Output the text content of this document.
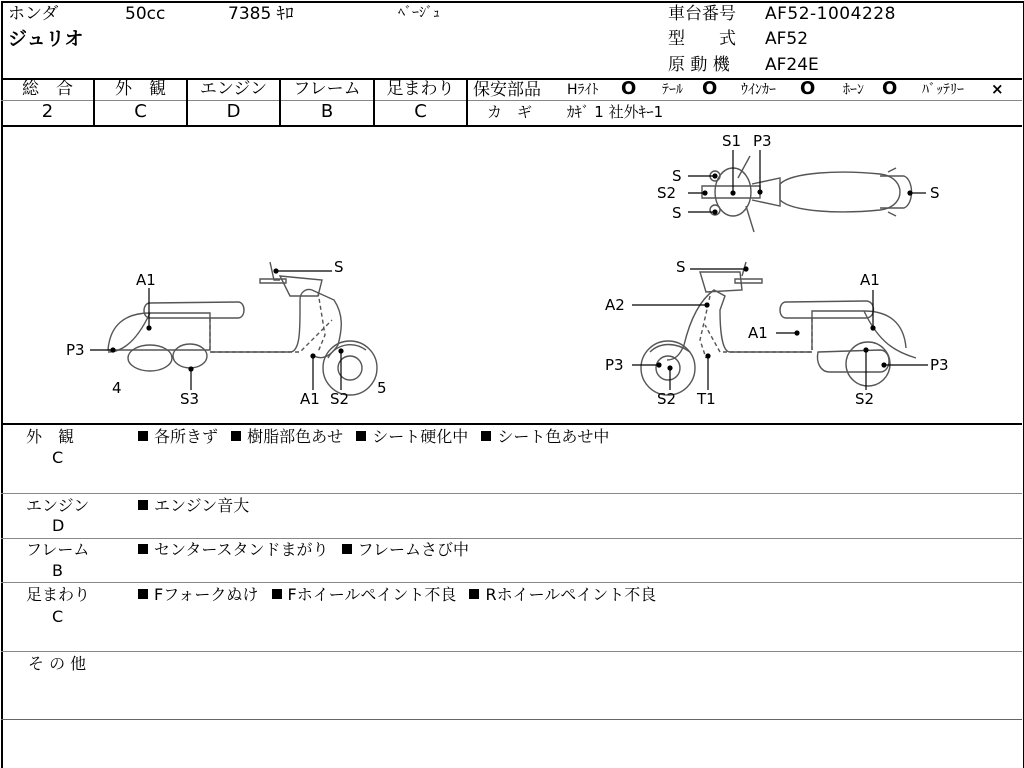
ホンダ	50cc	7385 ｷﾛ	ﾍﾞｰｼﾞｭ
ジュリオ
車台番号 AF52-1004228
型　　式 AF52
原 動 機 AF24E
総　合
2
外　観
C
エンジン
D
フレーム
B
足まわり
C
保安部品 Hﾗｲﾄ O ﾃｰﾙ O ｳｲﾝｶｰ O ﾎｰﾝ O ﾊﾞｯﾃﾘｰ ×
カ　ギ ｶｷﾞ 1 社外ｷｰ1
A1
S
P3
4
S3	A1 S2
5
S
A1
A2
A1
P3	P3
S2 T1	S2
S1 P3
S
S2
S
S
外　観
C
各所きず 樹脂部色あせ シート硬化中 シート色あせ中
エンジン
D
エンジン音大
フレーム
B
センタースタンドまがり フレームさび中
足まわり
C
Fフォークぬけ Fホイールペイント不良 Rホイールペイント不良
そ の 他
